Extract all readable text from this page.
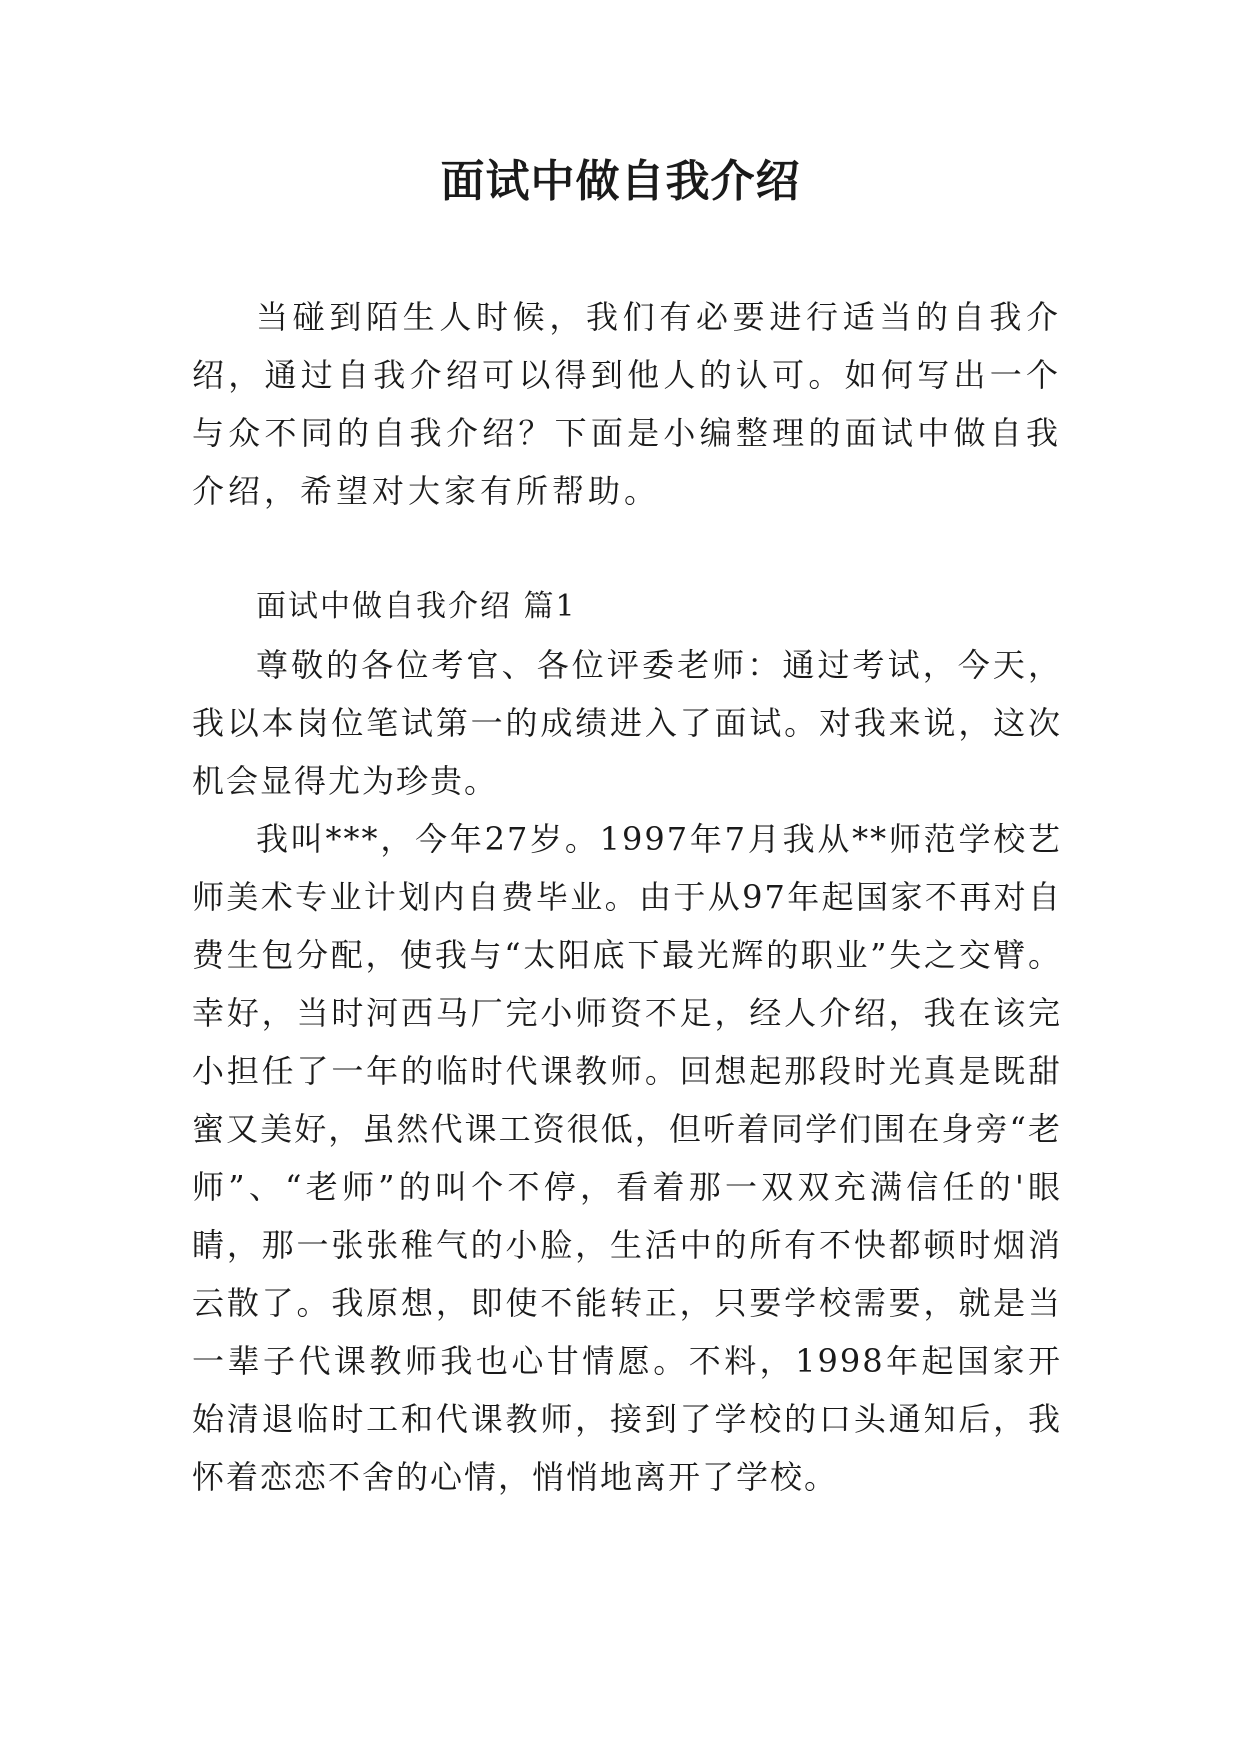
面试中做自我介绍

当碰到陌生人时候，我们有必要进行适当的自我介绍，通过自我介绍可以得到他人的认可。如何写出一个与众不同的自我介绍？下面是小编整理的面试中做自我介绍，希望对大家有所帮助。

面试中做自我介绍 篇1

尊敬的各位考官、各位评委老师：通过考试，今天，我以本岗位笔试第一的成绩进入了面试。对我来说，这次机会显得尤为珍贵。

我叫***，今年27岁。1997年7月我从**师范学校艺师美术专业计划内自费毕业。由于从97年起国家不再对自费生包分配，使我与“太阳底下最光辉的职业”失之交臂。幸好，当时河西马厂完小师资不足，经人介绍，我在该完小担任了一年的临时代课教师。回想起那段时光真是既甜蜜又美好，虽然代课工资很低，但听着同学们围在身旁“老师”、“老师”的叫个不停，看着那一双双充满信任的'眼睛，那一张张稚气的小脸，生活中的所有不快都顿时烟消云散了。我原想，即使不能转正，只要学校需要，就是当一辈子代课教师我也心甘情愿。不料，1998年起国家开始清退临时工和代课教师，接到了学校的口头通知后，我怀着恋恋不舍的心情，悄悄地离开了学校。
